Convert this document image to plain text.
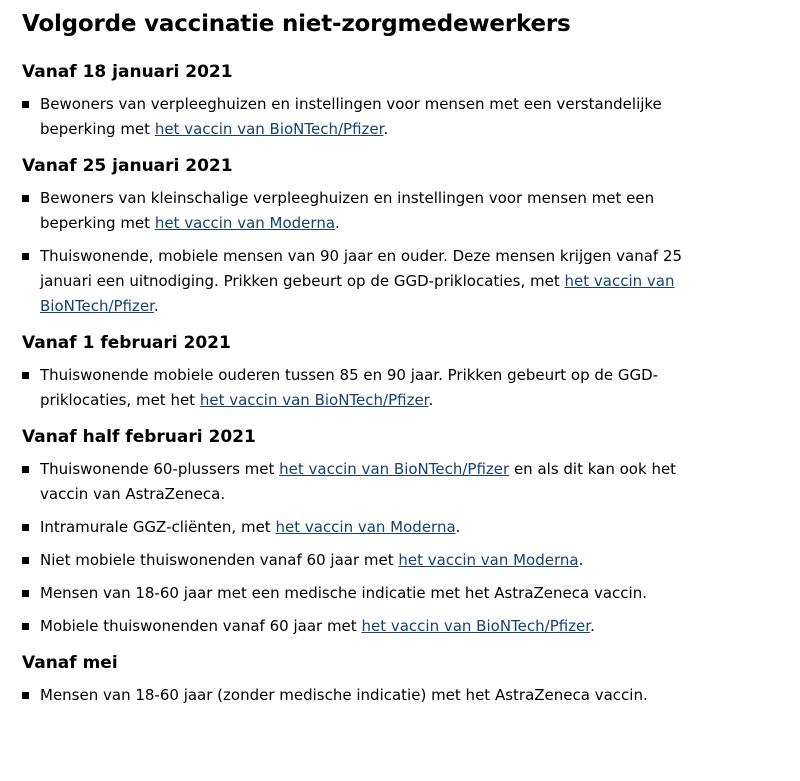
Volgorde vaccinatie niet-zorgmedewerkers
Vanaf 18 januari 2021
Bewoners van verpleeghuizen en instellingen voor mensen met een verstandelijke beperking met het vaccin van BioNTech/Pfizer.
Vanaf 25 januari 2021
Bewoners van kleinschalige verpleeghuizen en instellingen voor mensen met een beperking met het vaccin van Moderna.
Thuiswonende, mobiele mensen van 90 jaar en ouder. Deze mensen krijgen vanaf 25 januari een uitnodiging. Prikken gebeurt op de GGD-priklocaties, met het vaccin van BioNTech/Pfizer.
Vanaf 1 februari 2021
Thuiswonende mobiele ouderen tussen 85 en 90 jaar. Prikken gebeurt op de GGD-priklocaties, met het het vaccin van BioNTech/Pfizer.
Vanaf half februari 2021
Thuiswonende 60-plussers met het vaccin van BioNTech/Pfizer en als dit kan ook het vaccin van AstraZeneca.
Intramurale GGZ-cliënten, met het vaccin van Moderna.
Niet mobiele thuiswonenden vanaf 60 jaar met het vaccin van Moderna.
Mensen van 18-60 jaar met een medische indicatie met het AstraZeneca vaccin.
Mobiele thuiswonenden vanaf 60 jaar met het vaccin van BioNTech/Pfizer.
Vanaf mei
Mensen van 18-60 jaar (zonder medische indicatie) met het AstraZeneca vaccin.
